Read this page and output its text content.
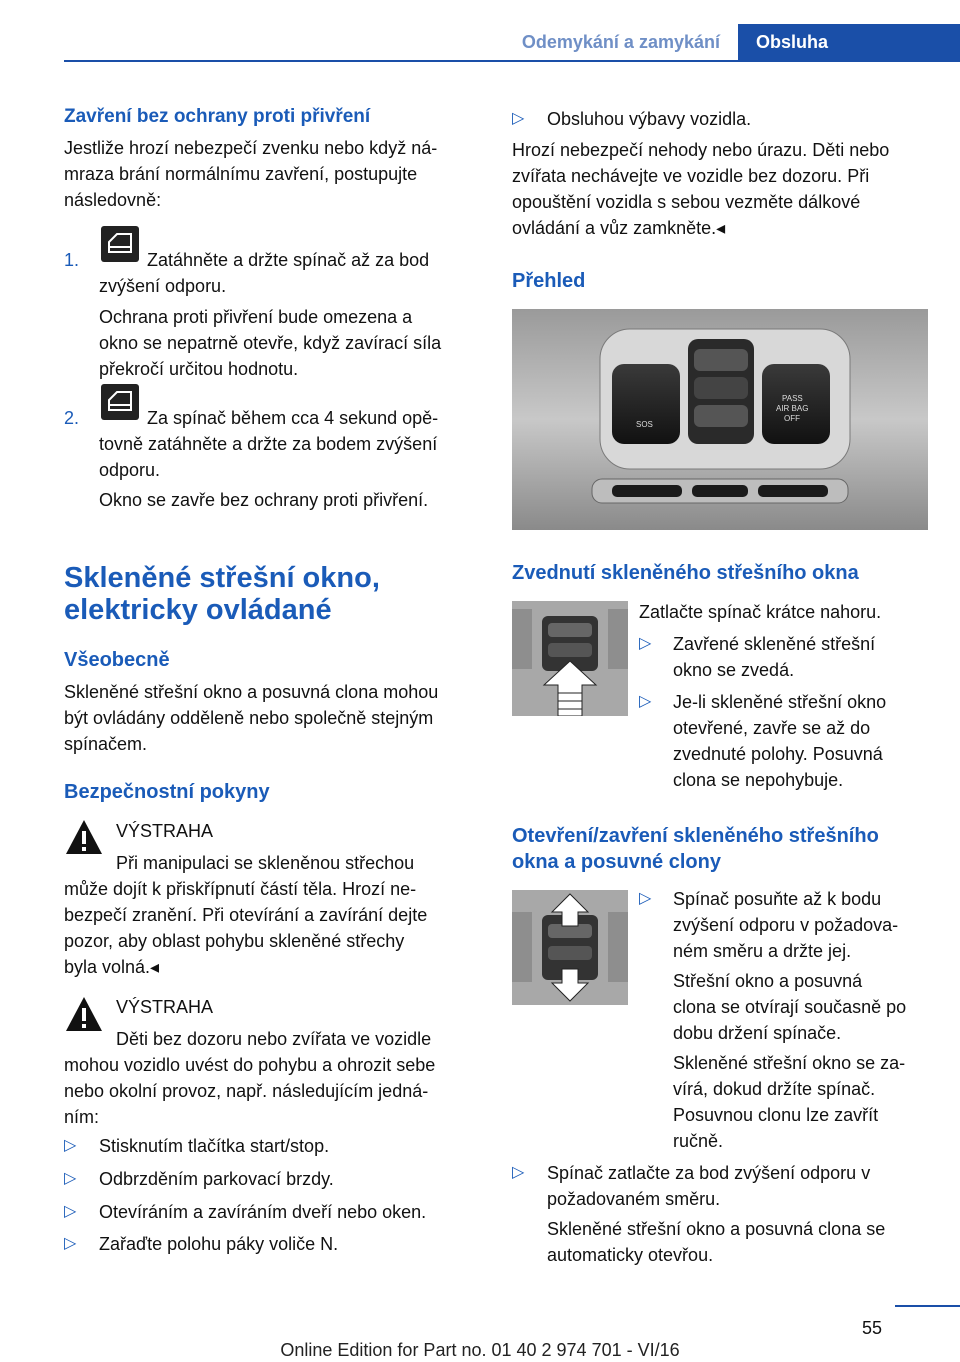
Odemykání a zamykání	Obsluha
Zavření bez ochrany proti přivření
Jestliže hrozí nebezpečí zvenku nebo když ná-
mraza brání normálnímu zavření, postupujte
následovně:
1.	Zatáhněte a držte spínač až za bod
zvýšení odporu.
Ochrana proti přivření bude omezena a
okno se nepatrně otevře, když zavírací síla
překročí určitou hodnotu.
2.	Za spínač během cca 4 sekund opě-
tovně zatáhněte a držte za bodem zvýšení
odporu.
Okno se zavře bez ochrany proti přivření.
Skleněné střešní okno,
elektricky ovládané
Všeobecně
Skleněné střešní okno a posuvná clona mohou
být ovládány odděleně nebo společně stejným
spínačem.
Bezpečnostní pokyny
VÝSTRAHA
Při manipulaci se skleněnou střechou
může dojít k přiskřípnutí částí těla. Hrozí ne-
bezpečí zranění. Při otevírání a zavírání dejte
pozor, aby oblast pohybu skleněné střechy
byla volná.◂
VÝSTRAHA
Děti bez dozoru nebo zvířata ve vozidle
mohou vozidlo uvést do pohybu a ohrozit sebe
nebo okolní provoz, např. následujícím jedná-
ním:
▷ Stisknutím tlačítka start/stop.
▷ Odbrzděním parkovací brzdy.
▷ Otevíráním a zavíráním dveří nebo oken.
▷ Zařaďte polohu páky voliče N.
▷ Obsluhou výbavy vozidla.
Hrozí nebezpečí nehody nebo úrazu. Děti nebo
zvířata nechávejte ve vozidle bez dozoru. Při
opouštění vozidla s sebou vezměte dálkové
ovládání a vůz zamkněte.◂
Přehled
SOS
PASS
AIR BAG
OFF
Zvednutí skleněného střešního okna
Zatlačte spínač krátce nahoru.
▷ Zavřené skleněné střešní
okno se zvedá.
▷ Je-li skleněné střešní okno
otevřené, zavře se až do
zvednuté polohy. Posuvná
clona se nepohybuje.
Otevření/zavření skleněného střešního
okna a posuvné clony
▷ Spínač posuňte až k bodu
zvýšení odporu v požadova-
ném směru a držte jej.
Střešní okno a posuvná
clona se otvírají současně po
dobu držení spínače.
Skleněné střešní okno se za-
vírá, dokud držíte spínač.
Posuvnou clonu lze zavřít
ručně.
▷ Spínač zatlačte za bod zvýšení odporu v
požadovaném směru.
Skleněné střešní okno a posuvná clona se
automaticky otevřou.
55
Online Edition for Part no. 01 40 2 974 701 - VI/16
